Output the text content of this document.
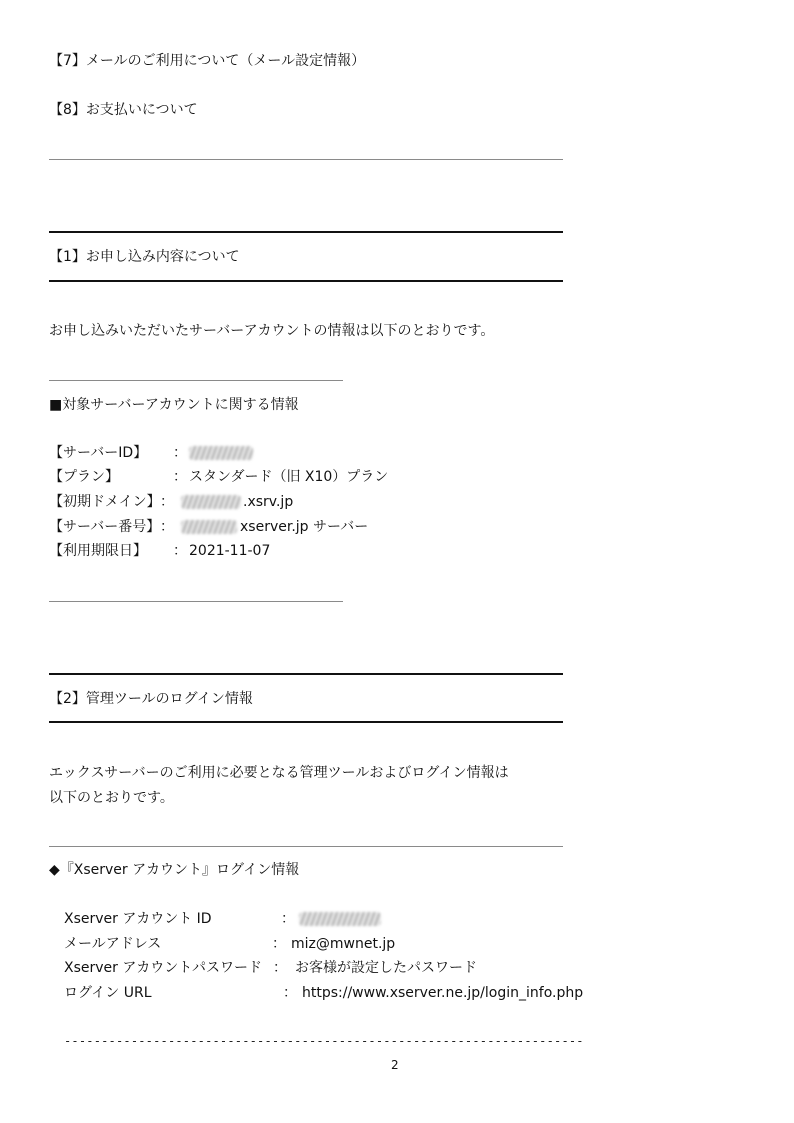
【7】メールのご利用について（メール設定情報）
【8】お支払いについて
【1】お申し込み内容について
お申し込みいただいたサーバーアカウントの情報は以下のとおりです。
■対象サーバーアカウントに関する情報
【サーバーID】 ：
【プラン】	： スタンダード（旧 X10）プラン
【初期ドメイン】 ：	.xsrv.jp
【サーバー番号】 ：	xserver.jp サーバー
【利用期限日】 ： 2021-11-07
【2】管理ツールのログイン情報
エックスサーバーのご利用に必要となる管理ツールおよびログイン情報は
以下のとおりです。
◆『Xserver アカウント』ログイン情報
Xserver アカウント ID	：
メールアドレス	： miz@mwnet.jp
Xserver アカウントパスワード ： お客様が設定したパスワード
ログイン URL	： https://www.xserver.ne.jp/login_info.php
----------------------------------------------------------------------
2
